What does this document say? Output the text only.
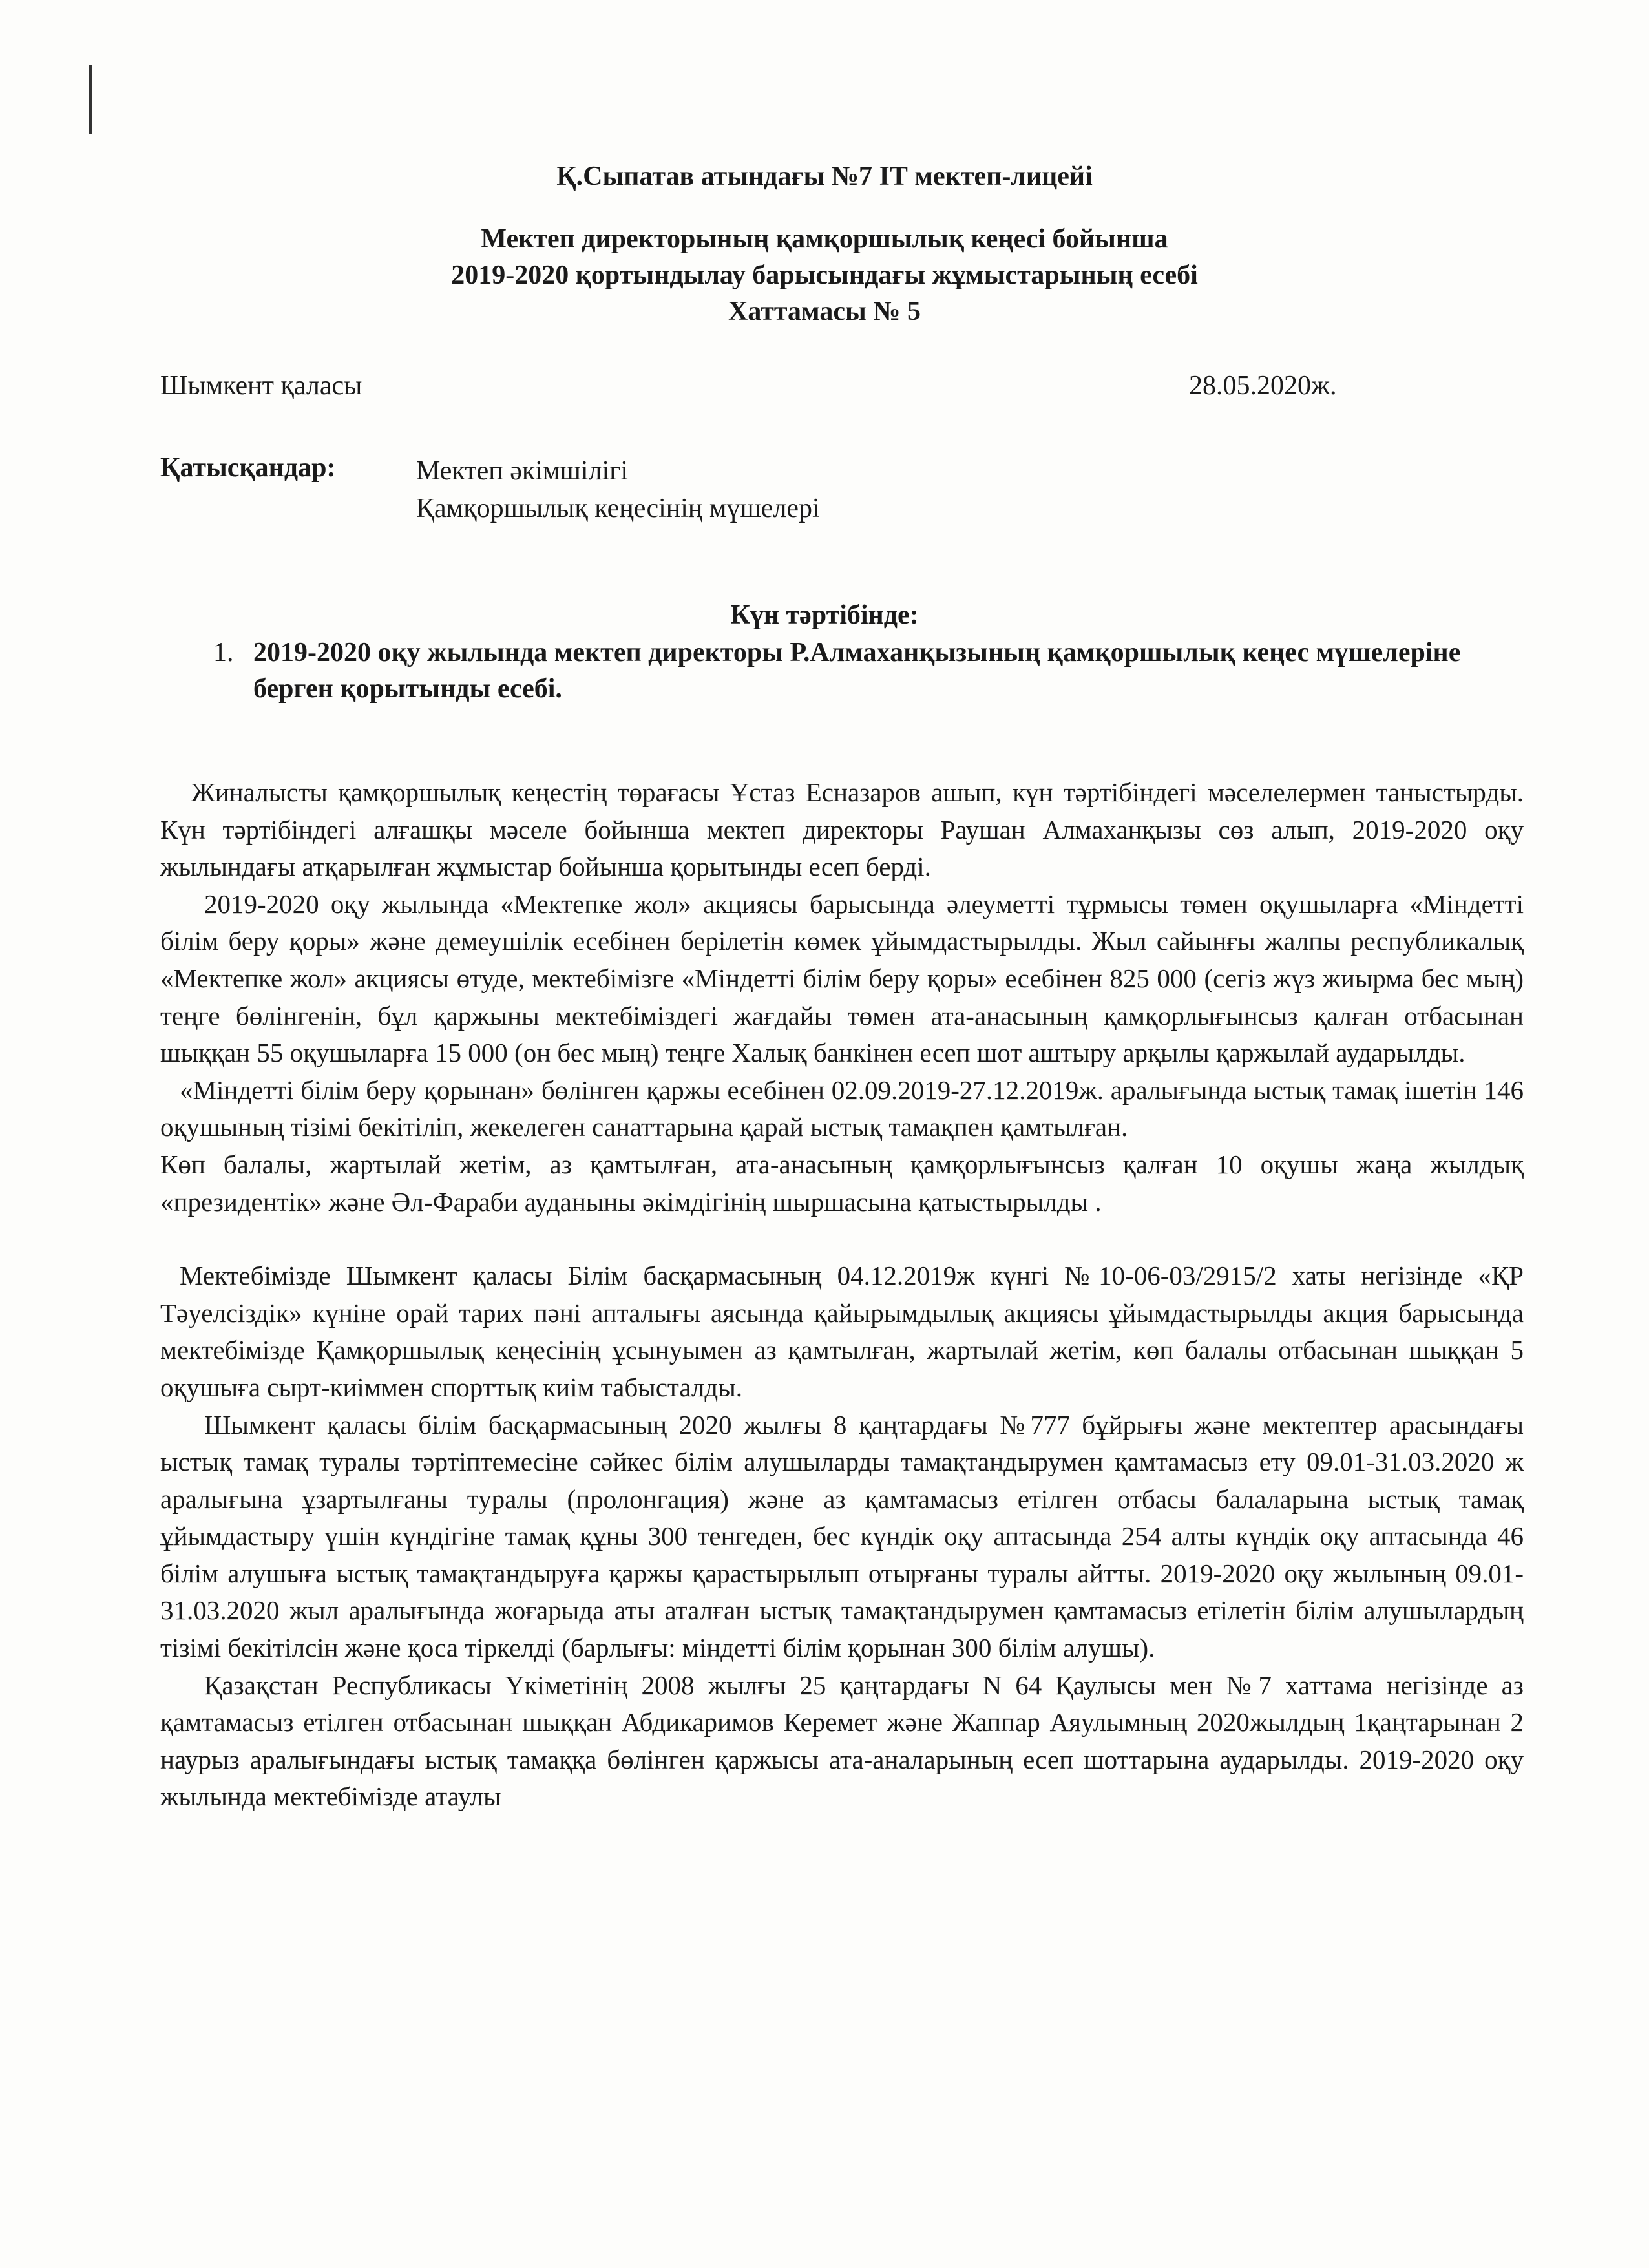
Қ.Сыпатав атындағы №7 ІТ мектеп-лицейі
Мектеп директорының қамқоршылық кеңесі бойынша
2019-2020 қортындылау барысындағы жұмыстарының есебі
Хаттамасы № 5
Шымкент қаласы	28.05.2020ж.
Қатысқандар:	Мектеп әкімшілігі
Қамқоршылық кеңесінің мүшелері
Күн тәртібінде:
1. 2019-2020 оқу жылында мектеп директоры Р.Алмаханқызының қамқоршылық кеңес мүшелеріне берген қорытынды есебі.

Жиналысты қамқоршылық кеңестің төрағасы Ұстаз Есназаров ашып, күн тәртібіндегі мәселелермен таныстырды. Күн тәртібіндегі алғашқы мәселе бойынша мектеп директоры Раушан Алмаханқызы сөз алып, 2019-2020 оқу жылындағы атқарылған жұмыстар бойынша қорытынды есеп берді.

2019-2020 оқу жылында «Мектепке жол» акциясы барысында әлеуметті тұрмысы төмен оқушыларға «Міндетті білім беру қоры» және демеушілік есебінен берілетін көмек ұйымдастырылды. Жыл сайынғы жалпы республикалық «Мектепке жол» акциясы өтуде, мектебімізге «Міндетті білім беру қоры» есебінен 825 000 (сегіз жүз жиырма бес мың) теңге бөлінгенін, бұл қаржыны мектебіміздегі жағдайы төмен ата-анасының қамқорлығынсыз қалған отбасынан шыққан 55 оқушыларға 15 000 (он бес мың) теңге Халық банкінен есеп шот аштыру арқылы қаржылай аударылды.

«Міндетті білім беру қорынан» бөлінген қаржы есебінен 02.09.2019-27.12.2019ж. аралығында ыстық тамақ ішетін 146 оқушының тізімі бекітіліп, жекелеген санаттарына қарай ыстық тамақпен қамтылған.

Көп балалы, жартылай жетім, аз қамтылған, ата-анасының қамқорлығынсыз қалған 10 оқушы жаңа жылдық «президентік» және Әл-Фараби ауданыны әкімдігінің шыршасына қатыстырылды .

Мектебімізде Шымкент қаласы Білім басқармасының 04.12.2019ж күнгі №10-06-03/2915/2 хаты негізінде «ҚР Тәуелсіздік» күніне орай тарих пәні апталығы аясында қайырымдылық акциясы ұйымдастырылды акция барысында мектебімізде Қамқоршылық кеңесінің ұсынуымен аз қамтылған, жартылай жетім, көп балалы отбасынан шыққан 5 оқушыға сырт-киіммен спорттық киім табысталды.

Шымкент қаласы білім басқармасының 2020 жылғы 8 қаңтардағы №777 бұйрығы және мектептер арасындағы ыстық тамақ туралы тәртіптемесіне сәйкес білім алушыларды тамақтандырумен қамтамасыз ету 09.01-31.03.2020 ж аралығына ұзартылғаны туралы (пролонгация) және аз қамтамасыз етілген отбасы балаларына ыстық тамақ ұйымдастыру үшін күндігіне тамақ құны 300 тенгеден, бес күндік оқу аптасында 254 алты күндік оқу аптасында 46 білім алушыға ыстық тамақтандыруға қаржы қарастырылып отырғаны туралы айтты. 2019-2020 оқу жылының 09.01-31.03.2020 жыл аралығында жоғарыда аты аталған ыстық тамақтандырумен қамтамасыз етілетін білім алушылардың тізімі бекітілсін және қоса тіркелді (барлығы: міндетті білім қорынан 300 білім алушы).

Қазақстан Республикасы Үкіметінің 2008 жылғы 25 қаңтардағы N 64 Қаулысы мен №7 хаттама негізінде аз қамтамасыз етілген отбасынан шыққан Абдикаримов Керемет және Жаппар Аяулымның 2020жылдың 1қаңтарынан 2 наурыз аралығындағы ыстық тамаққа бөлінген қаржысы ата-аналарының есеп шоттарына аударылды. 2019-2020 оқу жылында мектебімізде атаулы
